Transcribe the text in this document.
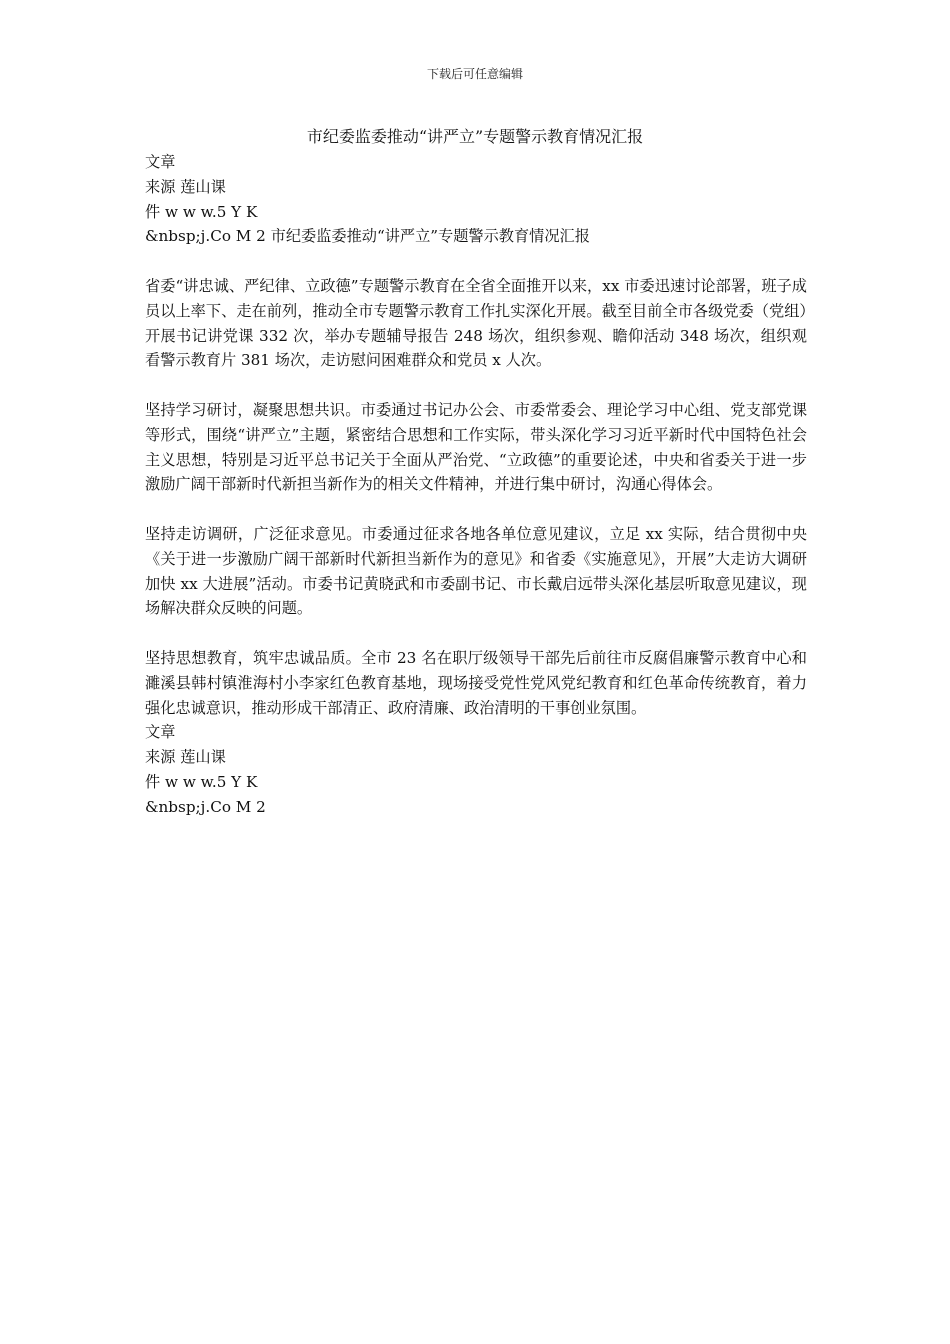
下载后可任意编辑
市纪委监委推动“讲严立”专题警示教育情况汇报

文章

来源 莲山课

件 w w w.5 Y K

&nbsp;j.Co M 2 市纪委监委推动“讲严立”专题警示教育情况汇报

省委“讲忠诚、严纪律、立政德”专题警示教育在全省全面推开以来，xx 市委迅速讨论部署，班子成员以上率下、走在前列，推动全市专题警示教育工作扎实深化开展。截至目前全市各级党委（党组）开展书记讲党课 332 次，举办专题辅导报告 248 场次，组织参观、瞻仰活动 348 场次，组织观看警示教育片 381 场次，走访慰问困难群众和党员 x 人次。

坚持学习研讨，凝聚思想共识。市委通过书记办公会、市委常委会、理论学习中心组、党支部党课等形式，围绕“讲严立”主题，紧密结合思想和工作实际，带头深化学习习近平新时代中国特色社会主义思想，特别是习近平总书记关于全面从严治党、“立政德”的重要论述，中央和省委关于进一步激励广阔干部新时代新担当新作为的相关文件精神，并进行集中研讨，沟通心得体会。

坚持走访调研，广泛征求意见。市委通过征求各地各单位意见建议，立足 xx 实际，结合贯彻中央《关于进一步激励广阔干部新时代新担当新作为的意见》和省委《实施意见》，开展”大走访大调研 加快 xx 大进展”活动。市委书记黄晓武和市委副书记、市长戴启远带头深化基层听取意见建议，现场解决群众反映的问题。

坚持思想教育，筑牢忠诚品质。全市 23 名在职厅级领导干部先后前往市反腐倡廉警示教育中心和濉溪县韩村镇淮海村小李家红色教育基地，现场接受党性党风党纪教育和红色革命传统教育，着力强化忠诚意识，推动形成干部清正、政府清廉、政治清明的干事创业氛围。

文章

来源 莲山课

件 w w w.5 Y K

&nbsp;j.Co M 2
